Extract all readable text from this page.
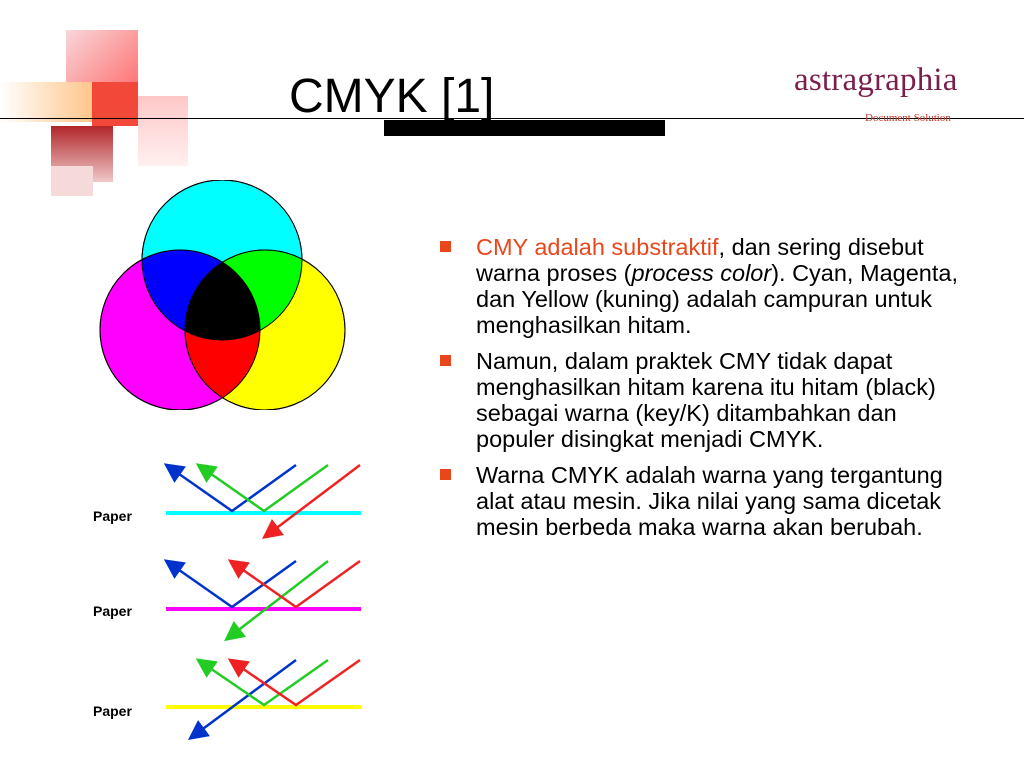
CMYK [1]	astragraphia
Document Solution
Paper
Paper
Paper
CMY adalah substraktif, dan sering disebut warna proses (process color). Cyan, Magenta, dan Yellow (kuning) adalah campuran untuk menghasilkan hitam.
Namun, dalam praktek CMY tidak dapat menghasilkan hitam karena itu hitam (black) sebagai warna (key/K) ditambahkan dan populer disingkat menjadi CMYK.
Warna CMYK adalah warna yang tergantung alat atau mesin. Jika nilai yang sama dicetak mesin berbeda maka warna akan berubah.
